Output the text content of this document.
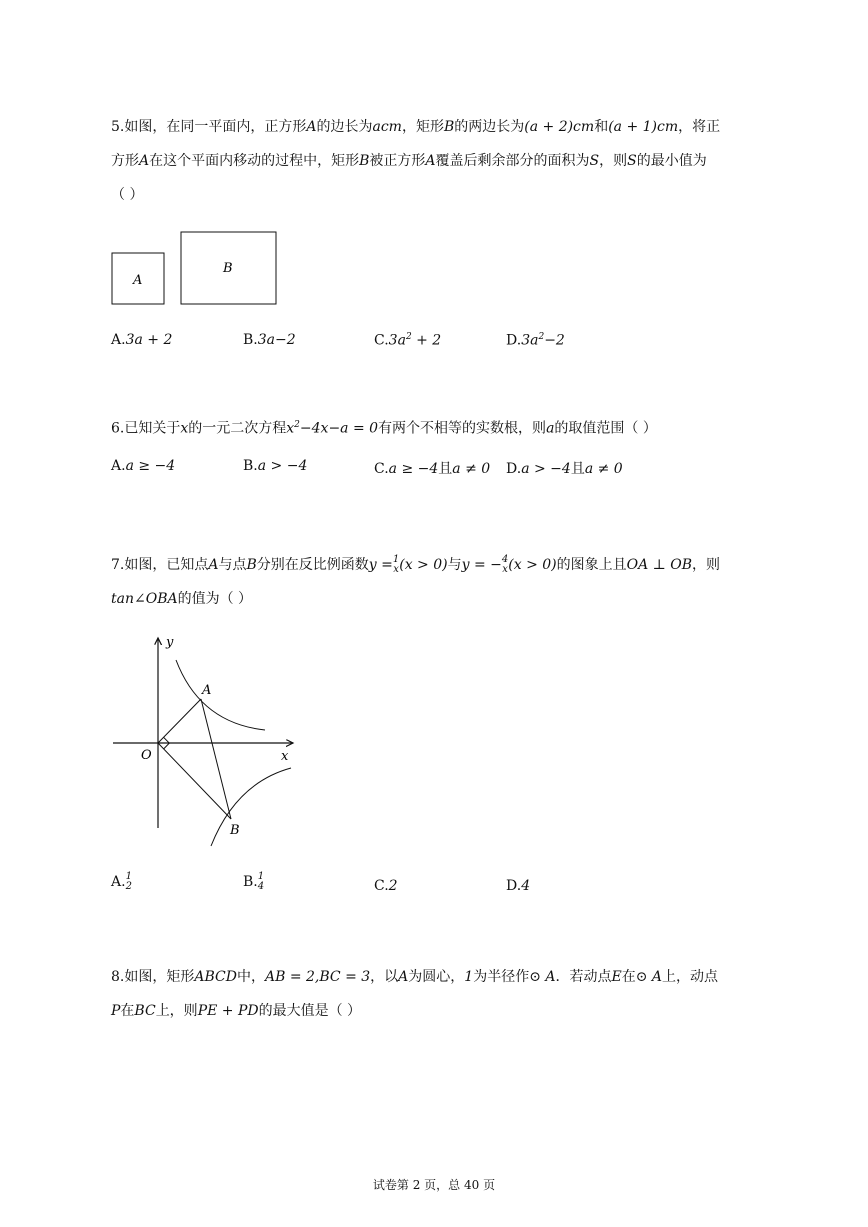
5.如图，在同一平面内，正方形A的边长为acm，矩形B的两边长为(a + 2)cm和(a + 1)cm，将正
方形A在这个平面内移动的过程中，矩形B被正方形A覆盖后剩余部分的面积为S，则S的最小值为
（ ）
A
B
A.3a + 2	B.3a−2	$C.3a^2 + 2$	$D.3a^2-2$
6.已知关于x的一元二次方程$x^2-4x-a = 0$有两个不相等的实数根，则a的取值范围（ ）
A.a ≥ −4	B.a > −4	C.a ≥ −4且a ≠ 0 D.a > −4且a ≠ 0
7.如图，已知点A与点B分别在反比例函数y = 1
x (x > 0)与y = − 4
x (x > 0)的图象上且OA ⊥ OB，则
tan∠OBA的值为（ ）
y
x
O
A
B
A. 1
2	B. 1
4	C.2	D.4
8.如图，矩形ABCD中，AB = 2,BC = 3，以A为圆心，1为半径作⊙ A．若动点E在⊙ A上，动点
P在BC上，则PE + PD的最大值是（ ）
试卷第 2 页，总 40 页
